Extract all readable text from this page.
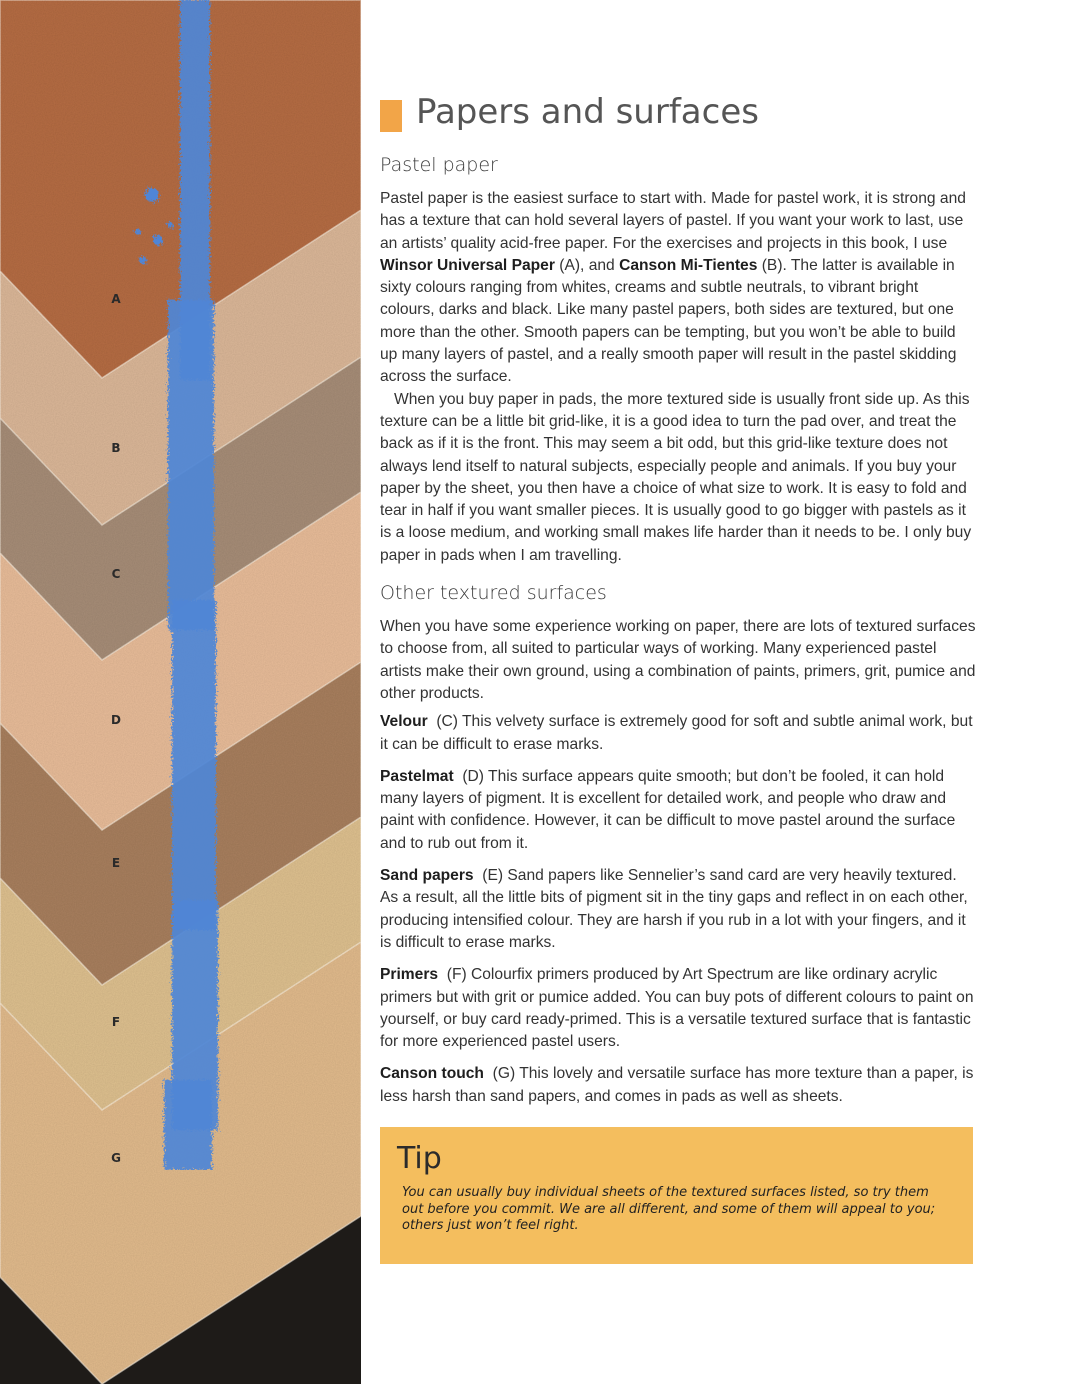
A
B
C
D
E
F
G
Papers and surfaces
Pastel paper

Pastel paper is the easiest surface to start with. Made for pastel work, it is strong and has a texture that can hold several layers of pastel. If you want your work to last, use an artists’ quality acid-free paper. For the exercises and projects in this book, I use Winsor Universal Paper (A), and Canson Mi-Tientes (B). The latter is available in sixty colours ranging from whites, creams and subtle neutrals, to vibrant bright colours, darks and black. Like many pastel papers, both sides are textured, but one more than the other. Smooth papers can be tempting, but you won’t be able to build up many layers of pastel, and a really smooth paper will result in the pastel skidding across the surface.

When you buy paper in pads, the more textured side is usually front side up. As this texture can be a little bit grid-like, it is a good idea to turn the pad over, and treat the back as if it is the front. This may seem a bit odd, but this grid-like texture does not always lend itself to natural subjects, especially people and animals. If you buy your paper by the sheet, you then have a choice of what size to work. It is easy to fold and tear in half if you want smaller pieces. It is usually good to go bigger with pastels as it is a loose medium, and working small makes life harder than it needs to be. I only buy paper in pads when I am travelling.

Other textured surfaces

When you have some experience working on paper, there are lots of textured surfaces to choose from, all suited to particular ways of working. Many experienced pastel artists make their own ground, using a combination of paints, primers, grit, pumice and other products.

Velour  (C) This velvety surface is extremely good for soft and subtle animal work, but it can be difficult to erase marks.

Pastelmat  (D) This surface appears quite smooth; but don’t be fooled, it can hold many layers of pigment. It is excellent for detailed work, and people who draw and paint with confidence. However, it can be difficult to move pastel around the surface and to rub out from it.

Sand papers  (E) Sand papers like Sennelier’s sand card are very heavily textured. As a result, all the little bits of pigment sit in the tiny gaps and reflect in on each other, producing intensified colour. They are harsh if you rub in a lot with your fingers, and it is difficult to erase marks.

Primers  (F) Colourfix primers produced by Art Spectrum are like ordinary acrylic primers but with grit or pumice added. You can buy pots of different colours to paint on yourself, or buy card ready-primed. This is a versatile textured surface that is fantastic for more experienced pastel users.

Canson touch  (G) This lovely and versatile surface has more texture than a paper, is less harsh than sand papers, and comes in pads as well as sheets.

Tip

You can usually buy individual sheets of the textured surfaces listed, so try them out before you commit. We are all different, and some of them will appeal to you; others just won’t feel right.
